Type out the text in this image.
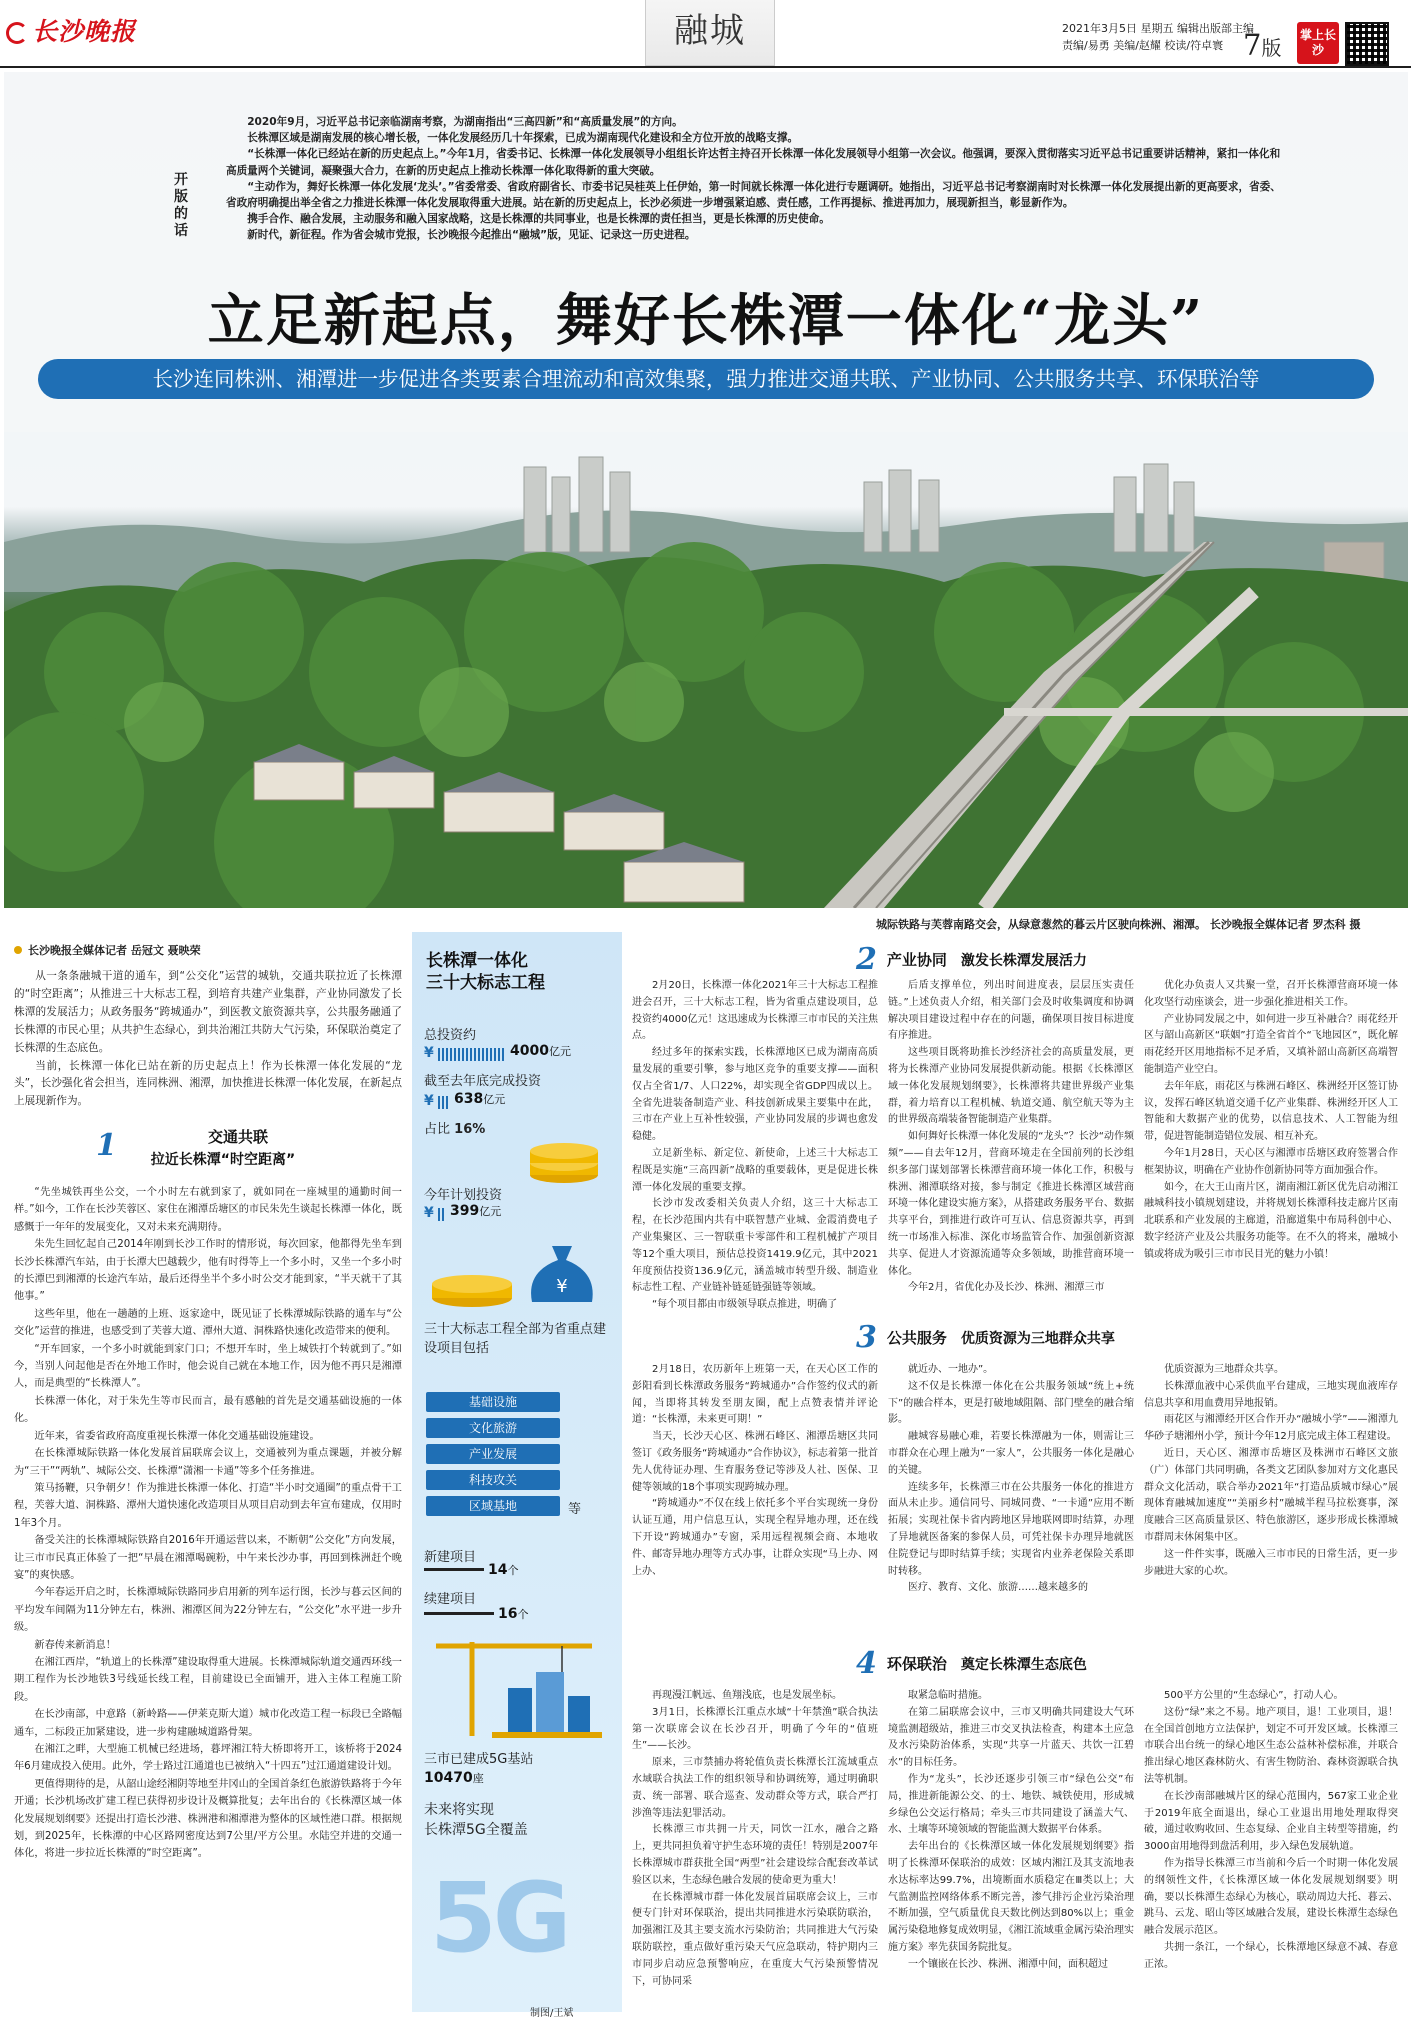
长沙晚报	融城	2021年3月5日 星期五 编辑出版部主编
责编/易勇 美编/赵耀 校读/符卓寰 7版
掌上长沙
开版的话

2020年9月，习近平总书记亲临湖南考察，为湖南指出“三高四新”和“高质量发展”的方向。

长株潭区域是湖南发展的核心增长极，一体化发展经历几十年探索，已成为湖南现代化建设和全方位开放的战略支撑。

“长株潭一体化已经站在新的历史起点上。”今年1月，省委书记、长株潭一体化发展领导小组组长许达哲主持召开长株潭一体化发展领导小组第一次会议。他强调，要深入贯彻落实习近平总书记重要讲话精神，紧扣一体化和高质量两个关键词，凝聚强大合力，在新的历史起点上推动长株潭一体化取得新的重大突破。

“主动作为，舞好长株潭一体化发展‘龙头’。”省委常委、省政府副省长、市委书记吴桂英上任伊始，第一时间就长株潭一体化进行专题调研。她指出，习近平总书记考察湖南时对长株潭一体化发展提出新的更高要求，省委、省政府明确提出举全省之力推进长株潭一体化发展取得重大进展。站在新的历史起点上，长沙必须进一步增强紧迫感、责任感，工作再提标、推进再加力，展现新担当，彰显新作为。

携手合作、融合发展，主动服务和融入国家战略，这是长株潭的共同事业，也是长株潭的责任担当，更是长株潭的历史使命。

新时代，新征程。作为省会城市党报，长沙晚报今起推出“融城”版，见证、记录这一历史进程。

立足新起点，舞好长株潭一体化“龙头”
长沙连同株洲、湘潭进一步促进各类要素合理流动和高效集聚，强力推进交通共联、产业协同、公共服务共享、环保联治等
城际铁路与芙蓉南路交会，从绿意葱然的暮云片区驶向株洲、湘潭。 长沙晚报全媒体记者 罗杰科 摄
长沙晚报全媒体记者 岳冠文 聂映荣

从一条条融城干道的通车，到“公交化”运营的城轨，交通共联拉近了长株潭的“时空距离”；从推进三十大标志工程，到培育共建产业集群，产业协同激发了长株潭的发展活力；从政务服务“跨城通办”，到医教文旅资源共享，公共服务融通了长株潭的市民心里；从共护生态绿心，到共治湘江共防大气污染，环保联治奠定了长株潭的生态底色。

当前，长株潭一体化已站在新的历史起点上！作为长株潭一体化发展的“龙头”，长沙强化省会担当，连同株洲、湘潭，加快推进长株潭一体化发展，在新起点上展现新作为。

1	交通共联
拉近长株潭“时空距离”

“先坐城铁再坐公交，一个小时左右就到家了，就如同在一座城里的通勤时间一样。”如今，工作在长沙芙蓉区、家住在湘潭岳塘区的市民朱先生谈起长株潭一体化，既感慨于一年年的发展变化，又对未来充满期待。

朱先生回忆起自己2014年刚到长沙工作时的情形说，每次回家，他都得先坐车到长沙长株潭汽车站，由于长潭大巴越载少，他有时得等上一个多小时，又坐一个多小时的长潭巴到湘潭的长途汽车站，最后还得坐半个多小时公交才能到家，“半天就干了其他事。”

这些年里，他在一趟趟的上班、返家途中，既见证了长株潭城际铁路的通车与“公交化”运营的推进，也感受到了芙蓉大道、潭州大道、洞株路快速化改造带来的便利。

“开车回家，一个多小时就能到家门口；不想开车时，坐上城铁打个转就到了。”如今，当别人问起他是否在外地工作时，他会说自己就在本地工作，因为他不再只是湘潭人，而是典型的“长株潭人”。

长株潭一体化，对于朱先生等市民而言，最有感触的首先是交通基础设施的一体化。

近年来，省委省政府高度重视长株潭一体化交通基础设施建设。

在长株潭城际铁路一体化发展首届联席会议上，交通被列为重点课题，并被分解为“三干”“两轨”、城际公交、长株潭“潇湘一卡通”等多个任务推进。

策马扬鞭，只争朝夕！作为推进长株潭一体化、打造“半小时交通圈”的重点骨干工程，芙蓉大道、洞株路、潭州大道快速化改造项目从项目启动到去年宣布建成，仅用时1年3个月。

备受关注的长株潭城际铁路自2016年开通运营以来，不断朝“公交化”方向发展，让三市市民真正体验了一把“早晨在湘潭喝碗粉，中午来长沙办事，再回到株洲赶个晚宴”的爽快感。

今年春运开启之时，长株潭城际铁路同步启用新的列车运行图，长沙与暮云区间的平均发车间隔为11分钟左右，株洲、湘潭区间为22分钟左右，“公交化”水平进一步升级。

新春传来新消息！

在湘江西岸，“轨道上的长株潭”建设取得重大进展。长株潭城际轨道交通西环线一期工程作为长沙地铁3号线延长线工程，目前建设已全面铺开，进入主体工程施工阶段。

在长沙南部，中意路（新岭路——伊莱克斯大道）城市化改造工程一标段已全路幅通车，二标段正加紧建设，进一步构建融城道路骨架。

在湘江之畔，大型施工机械已经进场，暮坪湘江特大桥即将开工，该桥将于2024年6月建成投入使用。此外，学士路过江通道也已被纳入“十四五”过江通道建设计划。

更值得期待的是，从韶山途经湘阴等地至井冈山的全国首条红色旅游铁路将于今年开通；长沙机场改扩建工程已获得初步设计及概算批复；去年出台的《长株潭区域一体化发展规划纲要》还提出打造长沙港、株洲港和湘潭港为整体的区域性港口群。根据规划，到2025年，长株潭的中心区路网密度达到7公里/平方公里。水陆空并进的交通一体化，将进一步拉近长株潭的“时空距离”。

长株潭一体化
三十大标志工程
总投资约
¥	4000亿元
截至去年底完成投资
¥ 638亿元
占比 16%
今年计划投资
¥ 399亿元
¥
三十大标志工程全部为省重点建设项目包括
基础设施
文化旅游
产业发展
科技攻关
区域基地	等
新建项目
14个
续建项目
16个
三市已建成5G基站
10470座
未来将实现
长株潭5G全覆盖
5G
制图/王斌
2 产业协同 激发长株潭发展活力

2月20日，长株潭一体化2021年三十大标志工程推进会召开，三十大标志工程，皆为省重点建设项目，总投资约4000亿元！这迅速成为长株潭三市市民的关注焦点。

经过多年的探索实践，长株潭地区已成为湖南高质量发展的重要引擎，参与地区竞争的重要支撑——面积仅占全省1/7、人口22%，却实现全省GDP四成以上。全省先进装备制造产业、科技创新成果主要集中在此，三市在产业上互补性较强，产业协同发展的步调也愈发稳健。

立足新坐标、新定位、新使命，上述三十大标志工程既是实施“三高四新”战略的重要载体，更是促进长株潭一体化发展的重要支撑。

长沙市发改委相关负责人介绍，这三十大标志工程，在长沙范围内共有中联智慧产业城、金霞消费电子产业集聚区、三一智联重卡零部件和工程机械扩产项目等12个重大项目，预估总投资1419.9亿元，其中2021年度预估投资136.9亿元，涵盖城市转型升级、制造业标志性工程、产业链补链延链强链等领域。

“每个项目都由市级领导联点推进，明确了

后盾支撑单位，列出时间进度表，层层压实责任链。”上述负责人介绍，相关部门会及时收集调度和协调解决项目建设过程中存在的问题，确保项目按目标进度有序推进。

这些项目既将助推长沙经济社会的高质量发展，更将为长株潭产业协同发展提供新动能。根据《长株潭区域一体化发展规划纲要》，长株潭将共建世界级产业集群，着力培育以工程机械、轨道交通、航空航天等为主的世界级高端装备智能制造产业集群。

如何舞好长株潭一体化发展的“龙头”？长沙“动作频频”——自去年12月，营商环境走在全国前列的长沙组织多部门谋划部署长株潭营商环境一体化工作，积极与株洲、湘潭联络对接，参与制定《推进长株潭区域营商环境一体化建设实施方案》，从搭建政务服务平台、数据共享平台，到推进行政许可互认、信息资源共享，再到统一市场准入标准、深化市场监管合作、加强创新资源共享、促进人才资源流通等众多领域，助推营商环境一体化。

今年2月，省优化办及长沙、株洲、湘潭三市

优化办负责人又共聚一堂，召开长株潭营商环境一体化攻坚行动座谈会，进一步强化推进相关工作。

产业协同发展之中，如何进一步互补融合？雨花经开区与韶山高新区“联姻”打造全省首个“飞地园区”，既化解雨花经开区用地指标不足矛盾，又填补韶山高新区高端智能制造产业空白。

去年年底，雨花区与株洲石峰区、株洲经开区签订协议，发挥石峰区轨道交通千亿产业集群、株洲经开区人工智能和大数据产业的优势，以信息技术、人工智能为纽带，促进智能制造错位发展、相互补充。

今年1月28日，天心区与湘潭市岳塘区政府签署合作框架协议，明确在产业协作创新协同等方面加强合作。

如今，在大王山南片区，湖南湘江新区优先启动湘江融城科技小镇规划建设，并将规划长株潭科技走廊片区南北联系和产业发展的主廊道，沿廊道集中布局科创中心、数字经济产业及公共服务功能等。在不久的将来，融城小镇或将成为吸引三市市民目光的魅力小镇！

3 公共服务 优质资源为三地群众共享

2月18日，农历新年上班第一天，在天心区工作的彭阳看到长株潭政务服务“跨城通办”合作签约仪式的新闻，当即将其转发至朋友圈，配上点赞表情并评论道：“长株潭，未来更可期！”

当天，长沙天心区、株洲石峰区、湘潭岳塘区共同签订《政务服务“跨城通办”合作协议》，标志着第一批首先人优待证办理、生育服务登记等涉及人社、医保、卫健等领域的18个事项实现跨城办理。

“跨城通办”不仅在线上依托多个平台实现统一身份认证互通，用户信息互认，实现全程异地办理，还在线下开设“跨城通办”专窗，采用远程视频会商、本地收件、邮寄异地办理等方式办事，让群众实现“马上办、网上办、

就近办、一地办”。

这不仅是长株潭一体化在公共服务领域“统上+统下”的融合样本，更是打破地域阻隔、部门壁垒的融合缩影。

融城容易融心难，若要长株潭融为一体，则需让三市群众在心理上融为“一家人”，公共服务一体化是融心的关键。

连续多年，长株潭三市在公共服务一体化的推进方面从未止步。通信同号、同城同费、“一卡通”应用不断拓展；实现社保卡省内跨地区异地联网即时结算，办理了异地就医备案的参保人员，可凭社保卡办理异地就医住院登记与即时结算手续；实现省内业养老保险关系即时转移。

医疗、教育、文化、旅游……越来越多的

优质资源为三地群众共享。

长株潭血液中心采供血平台建成，三地实现血液库存信息共享和用血费用异地报销。

雨花区与湘潭经开区合作开办“融城小学”——湘潭九华砂子塘湘州小学，预计今年12月底完成主体工程建设。

近日，天心区、湘潭市岳塘区及株洲市石峰区文旅（广）体部门共同明确，各类文艺团队参加对方文化惠民群众文化活动，联合举办2021年“打造品质城市绿心”展现体育融城加速度”“美丽乡村”融城半程马拉松赛事，深度融合三区高质量景区、特色旅游区，逐步形成长株潭城市群周末休闲集中区。

这一件件实事，既融入三市市民的日常生活，更一步步融进大家的心坎。

4 环保联治 奠定长株潭生态底色

再现漫江帆远、鱼翔浅底，也是发展坐标。

3月1日，长株潭长江重点水域“十年禁渔”联合执法第一次联席会议在长沙召开，明确了今年的“值班生”——长沙。

原来，三市禁捕办将轮值负责长株潭长江流域重点水域联合执法工作的组织领导和协调统筹，通过明确职责、统一部署、联合巡查、发动群众等方式，联合严打涉渔等违法犯罪活动。

长株潭三市共拥一片天，同饮一江水，融合之路上，更共同担负着守护生态环境的责任！特别是2007年长株潭城市群获批全国“两型”社会建设综合配套改革试验区以来，生态绿色融合发展的使命更为重大！

在长株潭城市群一体化发展首届联席会议上，三市便专门针对环保联治，提出共同推进水污染联防联治，加强湘江及其主要支流水污染防治；共同推进大气污染联防联控，重点做好重污染天气应急联动，特护期内三市同步启动应急预警响应，在重度大气污染预警情况下，可协同采

取紧急临时措施。

在第二届联席会议中，三市又明确共同建设大气环境监测超级站，推进三市交叉执法检查，构建本土应急及水污染防治体系，实现“共享一片蓝天、共饮一江碧水”的目标任务。

作为“龙头”，长沙还逐步引领三市“绿色公交”布局，推进新能源公交、的士、地铁、城铁使用，形成城乡绿色公交运行格局；牵头三市共同建设了涵盖大气、水、土壤等环境领域的智能监测大数据平台体系。

去年出台的《长株潭区域一体化发展规划纲要》指明了长株潭环保联治的成效：区域内湘江及其支流地表水达标率达99.7%，出境断面水质稳定在Ⅲ类以上；大气监测监控网络体系不断完善，渗气排污企业污染治理不断加强，空气质量优良天数比例达到80%以上；重金属污染稳地修复成效明显，《湘江流域重金属污染治理实施方案》率先获国务院批复。

一个镶嵌在长沙、株洲、湘潭中间，面积超过

500平方公里的“生态绿心”，打动人心。

这份“绿”来之不易。地产项目，退！工业项目，退！在全国首创地方立法保护，划定不可开发区域。长株潭三市联合出台统一的绿心地区生态公益林补偿标准，并联合推出绿心地区森林防火、有害生物防治、森林资源联合执法等机制。

在长沙南部融城片区的绿心范围内，567家工业企业于2019年底全面退出，绿心工业退出用地处理取得突破，通过收购收回、生态复绿、企业自主转型等措施，约3000亩用地得到盘活利用，步入绿色发展轨道。

作为指导长株潭三市当前和今后一个时期一体化发展的纲领性文件，《长株潭区域一体化发展规划纲要》明确，要以长株潭生态绿心为核心，联动周边大托、暮云、跳马、云龙、昭山等区域融合发展，建设长株潭生态绿色融合发展示范区。

共拥一条江，一个绿心，长株潭地区绿意不减、春意正浓。
